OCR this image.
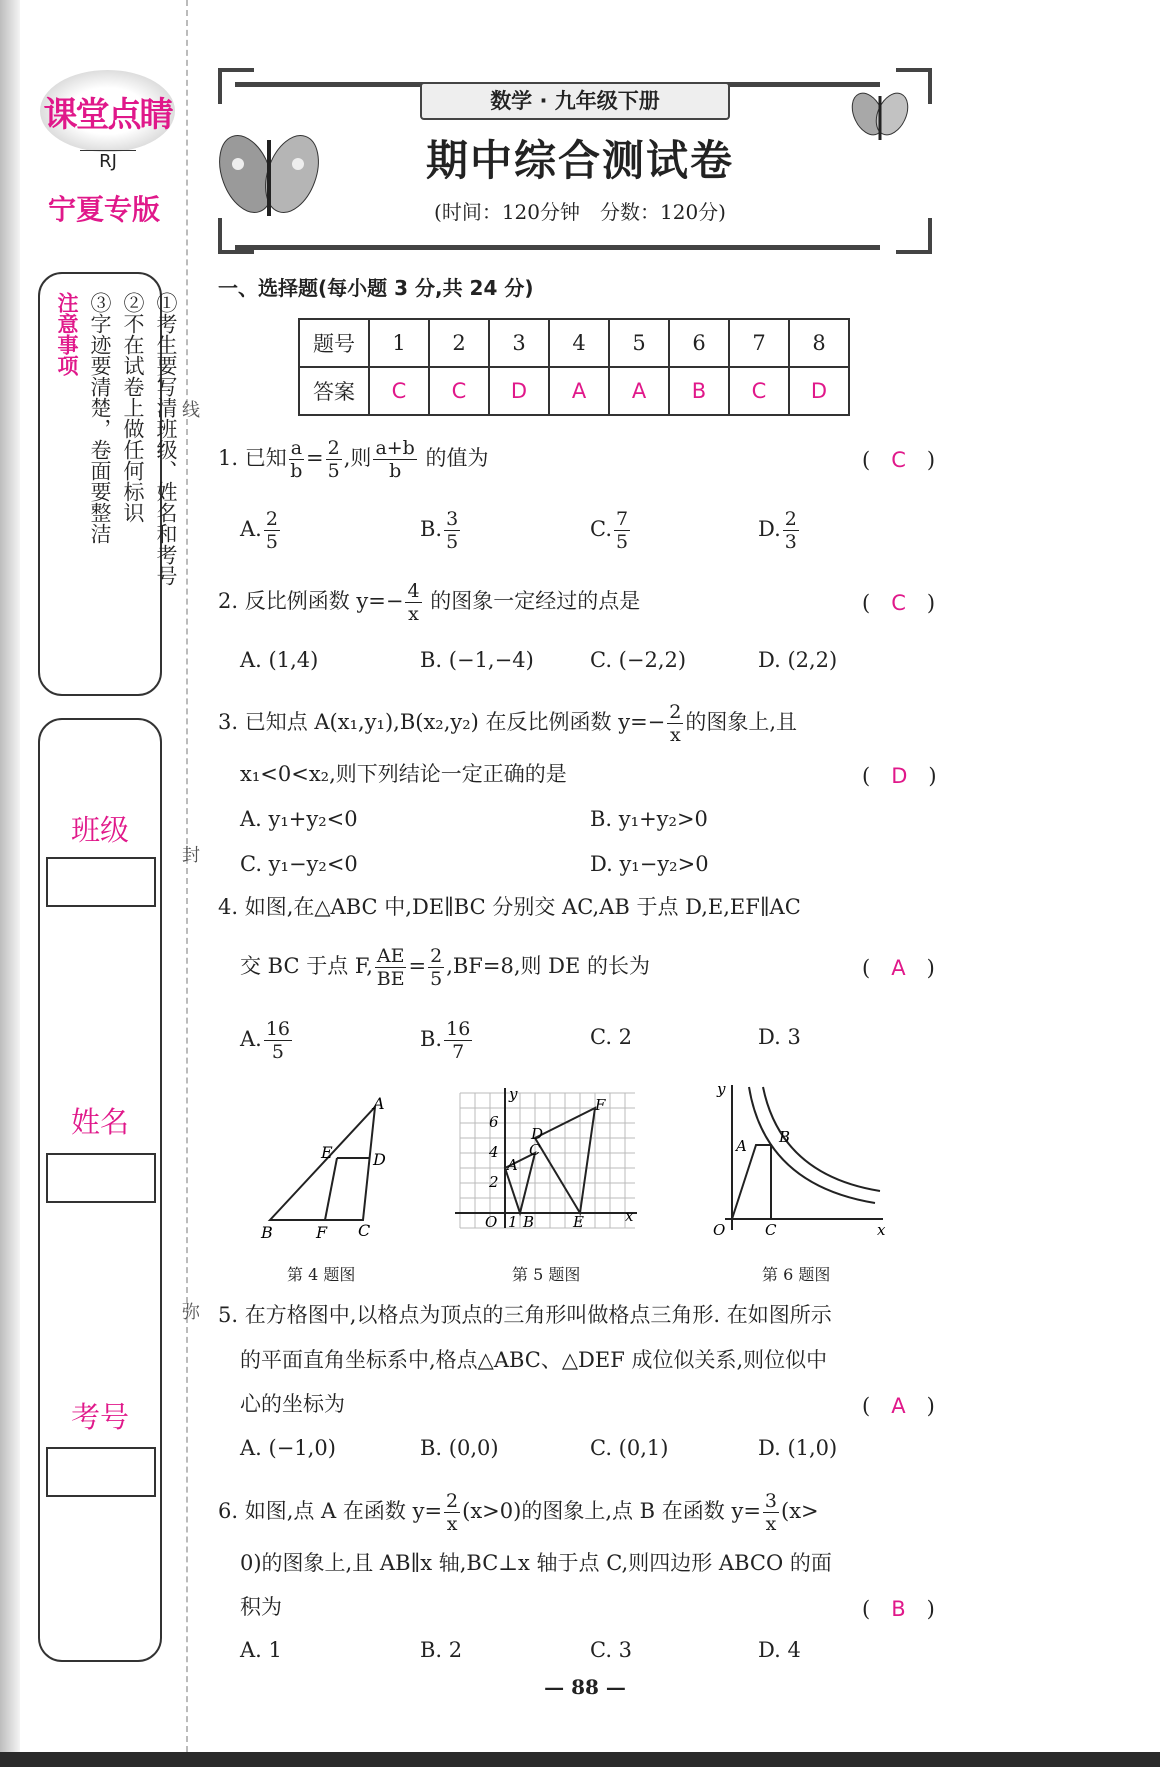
线
封
弥
课堂点睛
RJ
宁夏专版
①考生要写清班级、姓名和考号
②不在试卷上做任何标识
③字迹要清楚，卷面要整洁
注意事项
班级
姓名
考号
数学 · 九年级下册
期中综合测试卷
(时间：120分钟　分数：120分)
一、选择题(每小题 3 分,共 24 分)
题号	1	2	3	4	5	6	7	8
答案	C	C	D	A	A	B	C	D
1. 已知 $\frac{a}{b} = \frac{2}{5}$ ,则 $\frac{a+b}{b}$ 的值为	(　C　)
A. $\frac{2}{5}$	B. $\frac{3}{5}$	C. $\frac{7}{5}$	D. $\frac{2}{3}$
2. 反比例函数 $y=- \frac{4}{x}$ 的图象一定经过的点是	(　C　)
A. (1,4)	B. (−1,−4)	C. (−2,2)	D. (2,2)
3. 已知点 A(x₁,y₁),B(x₂,y₂) 在反比例函数 $y=- \frac{2}{x}$ 的图象上,且
x₁<0<x₂,则下列结论一定正确的是	(　D　)
A. y₁+y₂<0	B. y₁+y₂>0
C. y₁−y₂<0	D. y₁−y₂>0
4. 如图,在△ABC 中,DE∥BC 分别交 AC,AB 于点 D,E,EF∥AC
交 BC 于点 F, $\frac{AE}{BE} = \frac{2}{5} ,BF=8$,则 DE 的长为	(　A　)
A. $\frac{16}{5}$	B. $\frac{16}{7}$	C. 2	D. 3
A
E	D
B	F C
第 4 题图
y
6
4
2
O 1 B	E	x
A
C
D
F
第 5 题图
y
A B
O	C	x
第 6 题图
5. 在方格图中,以格点为顶点的三角形叫做格点三角形. 在如图所示
的平面直角坐标系中,格点△ABC、△DEF 成位似关系,则位似中
心的坐标为	(　A　)
A. (−1,0)	B. (0,0)	C. (0,1)	D. (1,0)
6. 如图,点 A 在函数 $y= \frac{2}{x} (x>0)$的图象上,点 B 在函数 $y= \frac{3}{x} (x>$
0)的图象上,且 AB∥x 轴,BC⊥x 轴于点 C,则四边形 ABCO 的面
积为	(　B　)
A. 1	B. 2	C. 3	D. 4
— 88 —
